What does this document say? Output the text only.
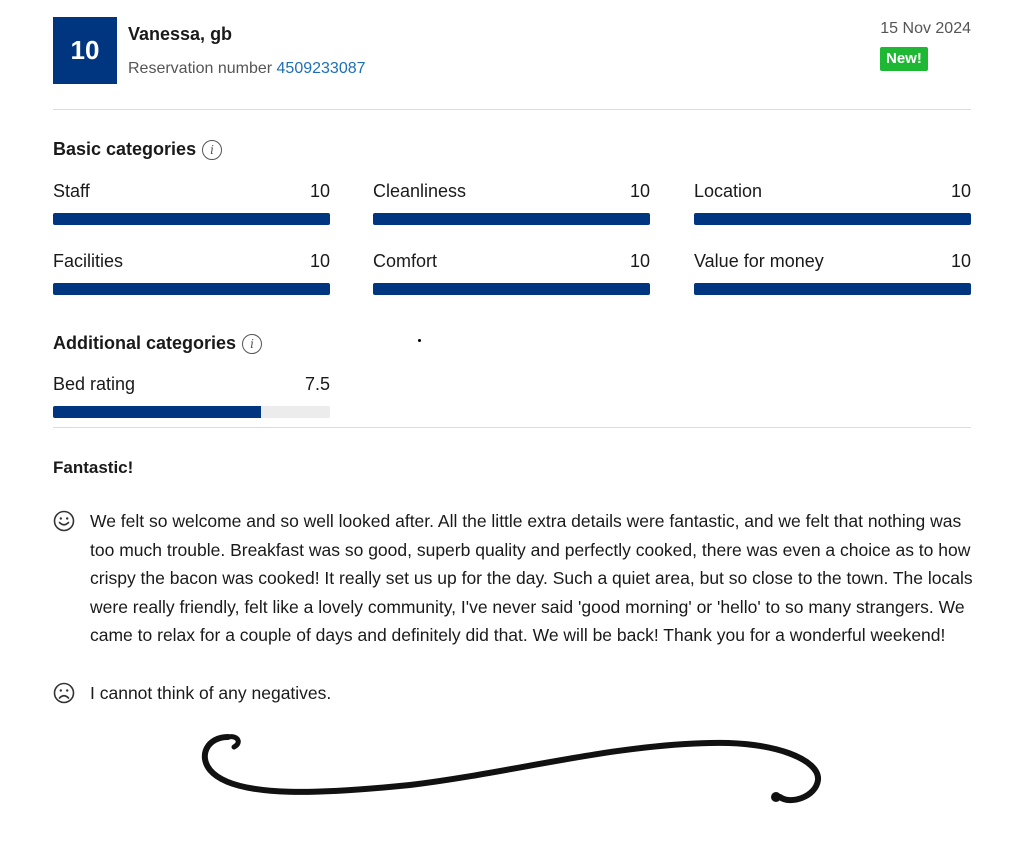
10
Vanessa, gb
Reservation number 4509233087
15 Nov 2024
New!
Basic categories	i
Staff	10 Cleanliness	10 Location	10
Facilities	10 Comfort	10 Value for money	10
Additional categories	i
Bed rating	7.5
Fantastic!
We felt so welcome and so well looked after. All the little extra details were fantastic, and we felt that nothing was too much trouble. Breakfast was so good, superb quality and perfectly cooked, there was even a choice as to how crispy the bacon was cooked! It really set us up for the day. Such a quiet area, but so close to the town. The locals were really friendly, felt like a lovely community, I've never said 'good morning' or 'hello' to so many strangers. We came to relax for a couple of days and definitely did that. We will be back! Thank you for a wonderful weekend!
I cannot think of any negatives.
